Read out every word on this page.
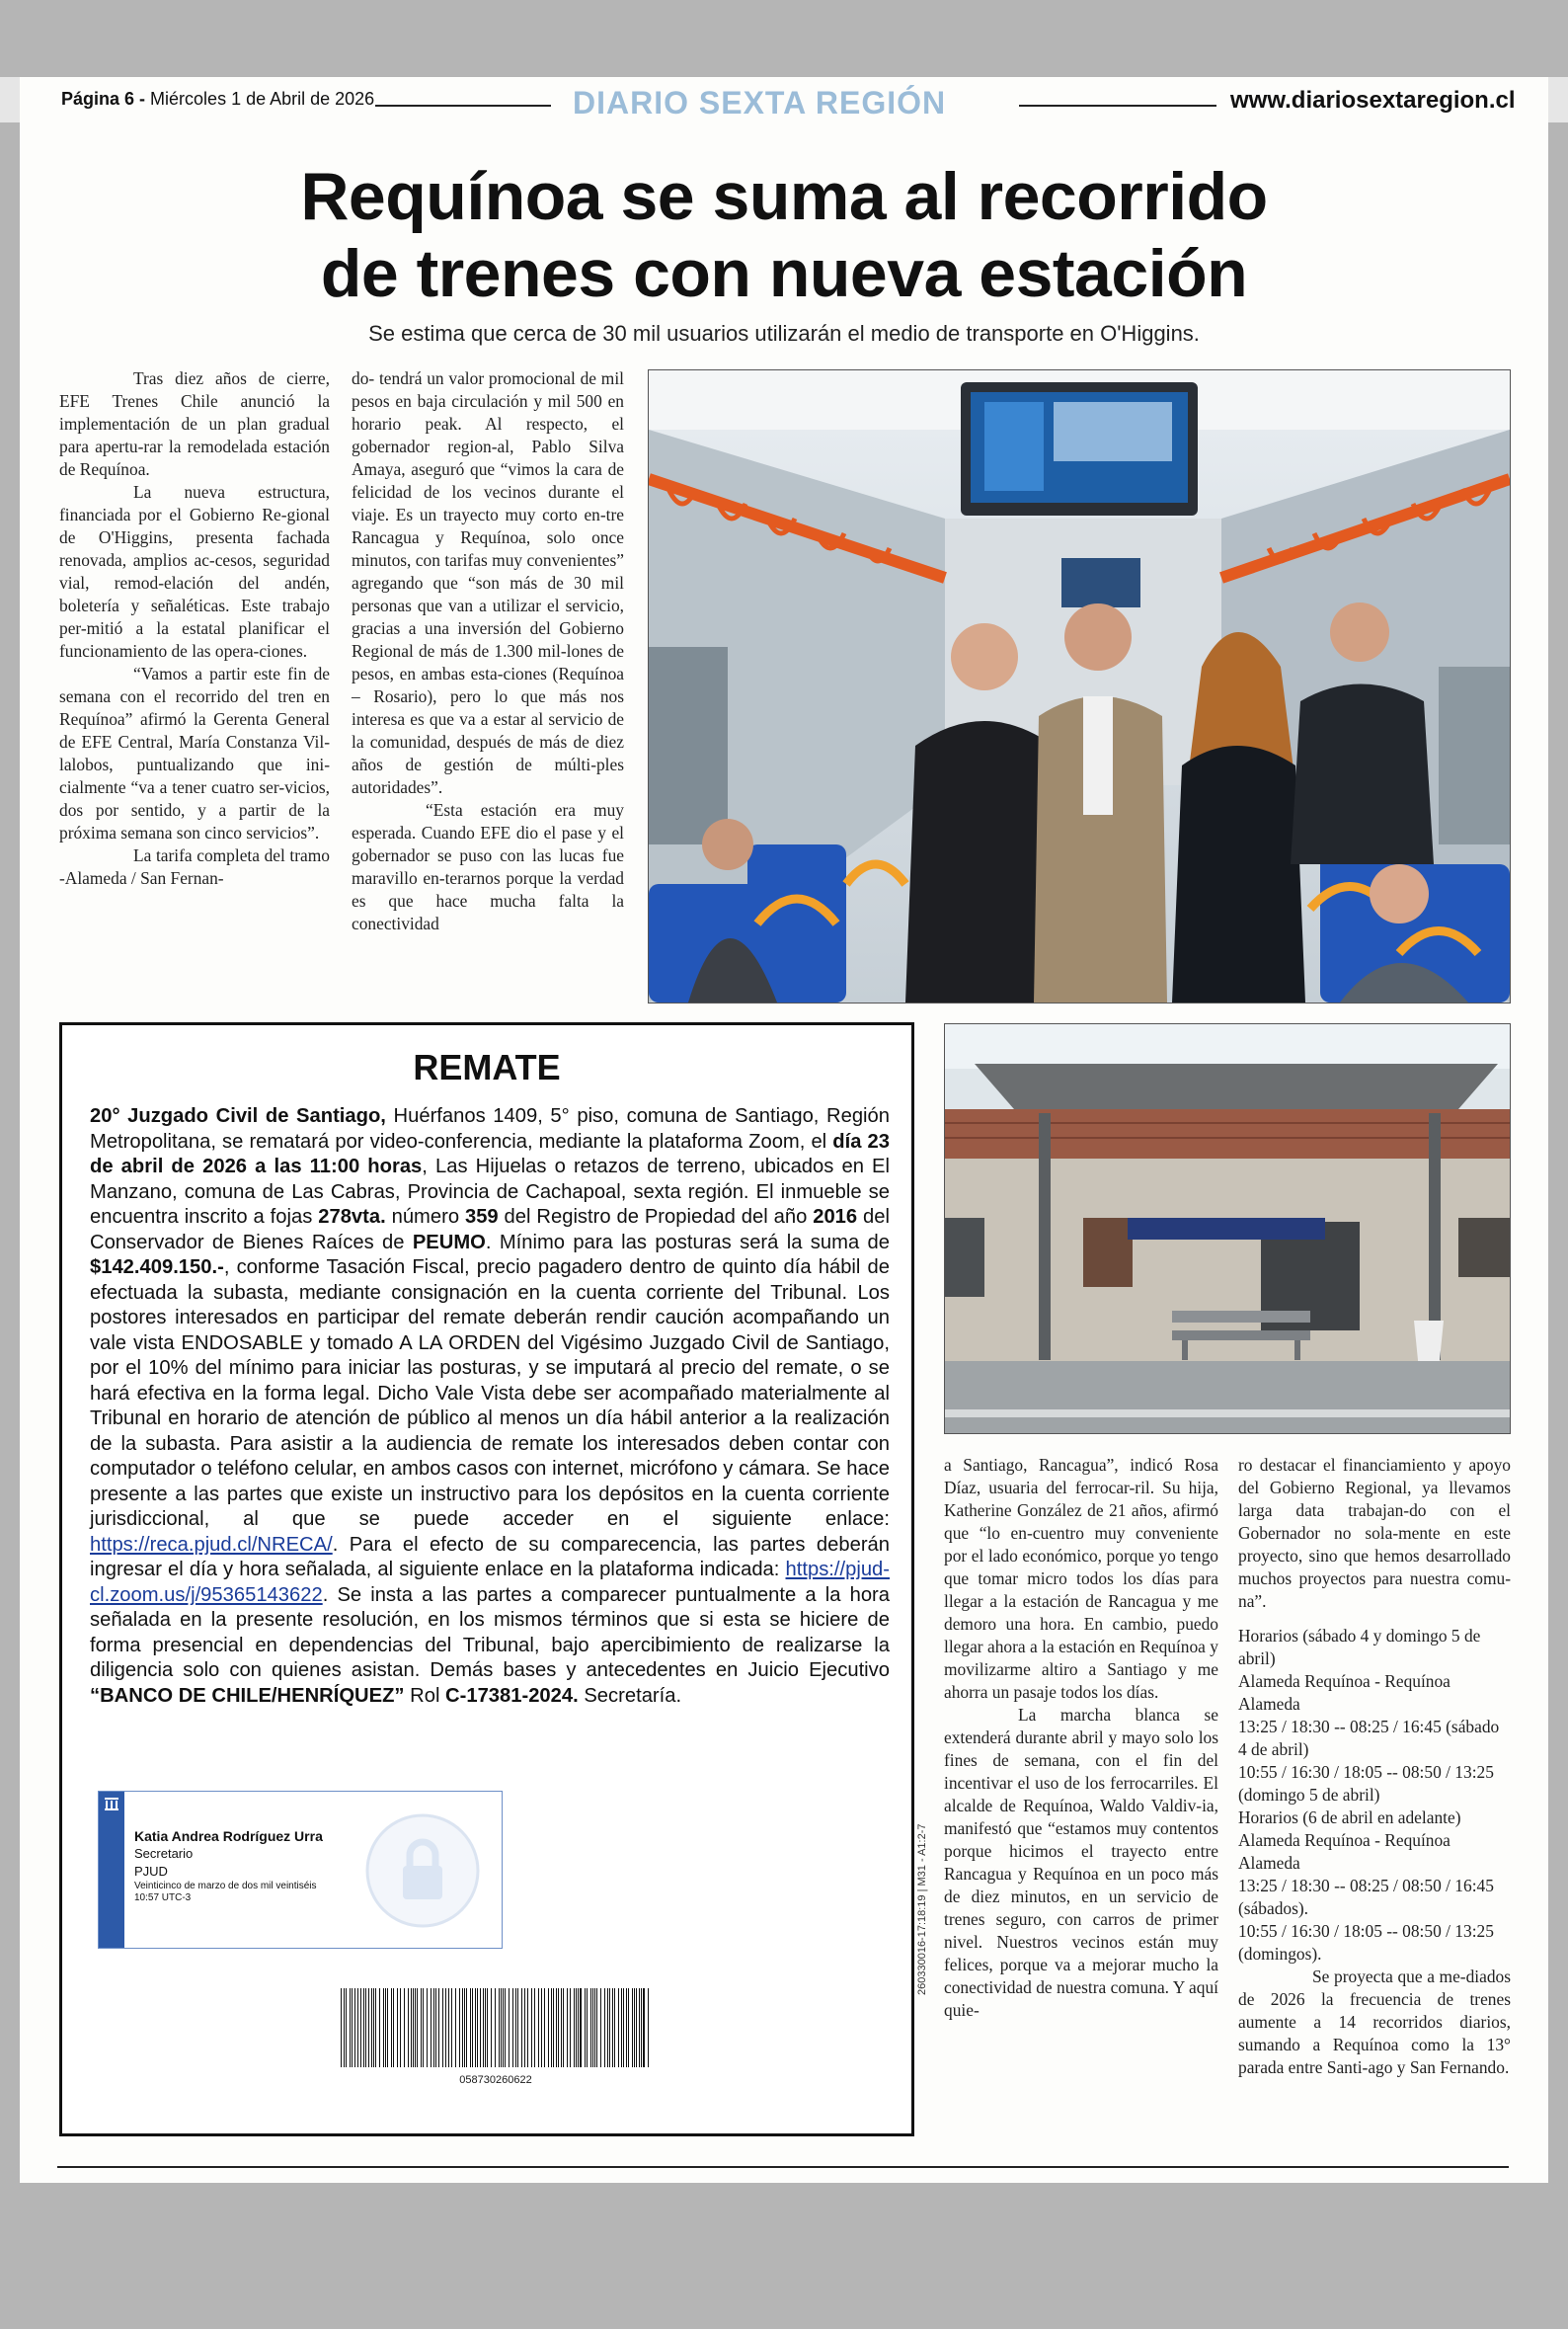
Página 6 - Miércoles 1 de Abril de 2026	DIARIO SEXTA REGIÓN	www.diariosextaregion.cl
Requínoa se suma al recorrido
de trenes con nueva estación
Se estima que cerca de 30 mil usuarios utilizarán el medio de transporte en O'Higgins.

Tras diez años de cierre, EFE Trenes Chile anunció la implementación de un plan gradual para apertu-rar la remodelada estación de Requínoa.

La nueva estructura, financiada por el Gobierno Re-gional de O'Higgins, presenta fachada renovada, amplios ac-cesos, seguridad vial, remod-elación del andén, boletería y señaléticas. Este trabajo per-mitió a la estatal planificar el funcionamiento de las opera-ciones.

“Vamos a partir este fin de semana con el recorrido del tren en Requínoa” afirmó la Gerenta General de EFE Central, María Constanza Vil-lalobos, puntualizando que ini-cialmente “va a tener cuatro ser-vicios, dos por sentido, y a partir de la próxima semana son cinco servicios”.

La tarifa completa del tramo -Alameda / San Fernan-

do- tendrá un valor promocional de mil pesos en baja circulación y mil 500 en horario peak. Al respecto, el gobernador region-al, Pablo Silva Amaya, aseguró que “vimos la cara de felicidad de los vecinos durante el viaje. Es un trayecto muy corto en-tre Rancagua y Requínoa, solo once minutos, con tarifas muy convenientes” agregando que “son más de 30 mil personas que van a utilizar el servicio, gracias a una inversión del Gobierno Regional de más de 1.300 mil-lones de pesos, en ambas esta-ciones (Requínoa – Rosario), pero lo que más nos interesa es que va a estar al servicio de la comunidad, después de más de diez años de gestión de múlti-ples autoridades”.

“Esta estación era muy esperada. Cuando EFE dio el pase y el gobernador se puso con las lucas fue maravillo en-terarnos porque la verdad es que hace mucha falta la conectividad

REMATE
20° Juzgado Civil de Santiago, Huérfanos 1409, 5° piso, comuna de Santiago, Región Metropolitana, se rematará por video-conferencia, mediante la plataforma Zoom, el día 23 de abril de 2026 a las 11:00 horas, Las Hijuelas o retazos de terreno, ubicados en El Manzano, comuna de Las Cabras, Provincia de Cachapoal, sexta región. El inmueble se encuentra inscrito a fojas 278vta. número 359 del Registro de Propiedad del año 2016 del Conservador de Bienes Raíces de PEUMO. Mínimo para las posturas será la suma de $142.409.150.-, conforme Tasación Fiscal, precio pagadero dentro de quinto día hábil de efectuada la subasta, mediante consignación en la cuenta corriente del Tribunal. Los postores interesados en participar del remate deberán rendir caución acompañando un vale vista ENDOSABLE y tomado A LA ORDEN del Vigésimo Juzgado Civil de Santiago, por el 10% del mínimo para iniciar las posturas, y se imputará al precio del remate, o se hará efectiva en la forma legal. Dicho Vale Vista debe ser acompañado materialmente al Tribunal en horario de atención de público al menos un día hábil anterior a la realización de la subasta. Para asistir a la audiencia de remate los interesados deben contar con computador o teléfono celular, en ambos casos con internet, micrófono y cámara. Se hace presente a las partes que existe un instructivo para los depósitos en la cuenta corriente jurisdiccional, al que se puede acceder en el siguiente enlace: https://reca.pjud.cl/NRECA/. Para el efecto de su comparecencia, las partes deberán ingresar el día y hora señalada, al siguiente enlace en la plataforma indicada: https://pjud-cl.zoom.us/j/95365143622. Se insta a las partes a comparecer puntualmente a la hora señalada en la presente resolución, en los mismos términos que si esta se hiciere de forma presencial en dependencias del Tribunal, bajo apercibimiento de realizarse la diligencia solo con quienes asistan. Demás bases y antecedentes en Juicio Ejecutivo “BANCO DE CHILE/HENRÍQUEZ” Rol C-17381-2024. Secretaría.
Katia Andrea Rodríguez Urra
Secretario
PJUD
Veinticinco de marzo de dos mil veintiséis
10:57 UTC-3
058730260622
260330016-17:18:19 | M31 - A1:2-7

a Santiago, Rancagua”, indicó Rosa Díaz, usuaria del ferrocar-ril. Su hija, Katherine González de 21 años, afirmó que “lo en-cuentro muy conveniente por el lado económico, porque yo tengo que tomar micro todos los días para llegar a la estación de Rancagua y me demoro una hora. En cambio, puedo llegar ahora a la estación en Requínoa y movilizarme altiro a Santiago y me ahorra un pasaje todos los días.

La marcha blanca se extenderá durante abril y mayo solo los fines de semana, con el fin del incentivar el uso de los ferrocarriles. El alcalde de Requínoa, Waldo Valdiv-ia, manifestó que “estamos muy contentos porque hicimos el trayecto entre Rancagua y Requínoa en un poco más de diez minutos, en un servicio de trenes seguro, con carros de primer nivel. Nuestros vecinos están muy felices, porque va a mejorar mucho la conectividad de nuestra comuna. Y aquí quie-

ro destacar el financiamiento y apoyo del Gobierno Regional, ya llevamos larga data trabajan-do con el Gobernador no sola-mente en este proyecto, sino que hemos desarrollado muchos proyectos para nuestra comu-na”.

Horarios (sábado 4 y domingo 5 de abril)
Alameda Requínoa - Requínoa Alameda
13:25 / 18:30 -- 08:25 / 16:45 (sábado 4 de abril)
10:55 / 16:30 / 18:05 -- 08:50 / 13:25 (domingo 5 de abril)
Horarios (6 de abril en adelante)
Alameda Requínoa - Requínoa Alameda
13:25 / 18:30 -- 08:25 / 08:50 / 16:45 (sábados).
10:55 / 16:30 / 18:05 -- 08:50 / 13:25 (domingos).

Se proyecta que a me-diados de 2026 la frecuencia de trenes aumente a 14 recorridos diarios, sumando a Requínoa como la 13° parada entre Santi-ago y San Fernando.
